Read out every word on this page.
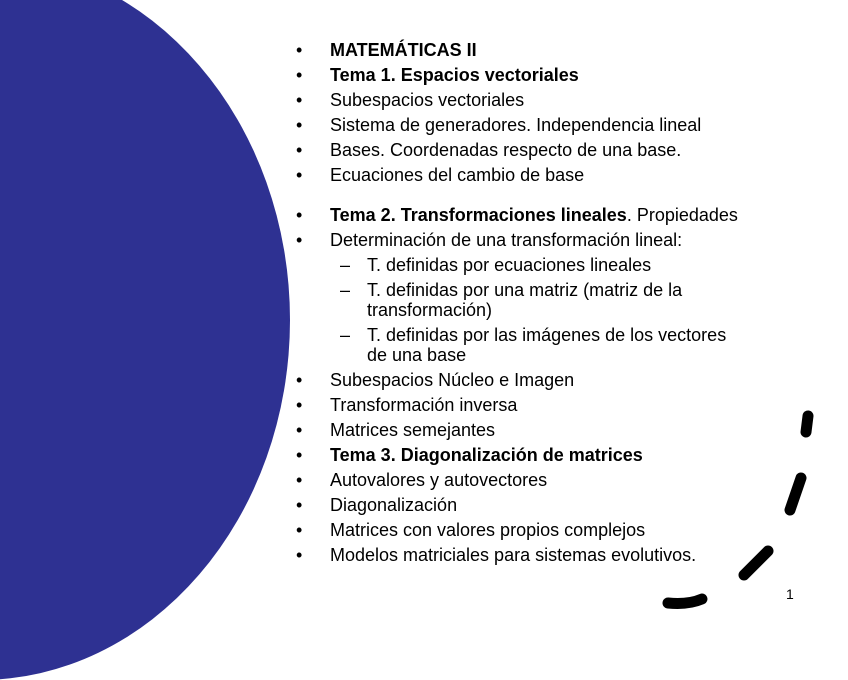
• MATEMÁTICAS II
• Tema 1. Espacios vectoriales
• Subespacios vectoriales
• Sistema de generadores. Independencia lineal
• Bases. Coordenadas respecto de una base.
• Ecuaciones del cambio de base
• Tema 2. Transformaciones lineales. Propiedades
• Determinación de una transformación lineal:
– T. definidas por ecuaciones lineales
– T. definidas por una matriz (matriz de la transformación)
– T. definidas por las imágenes de los vectores de una base
• Subespacios Núcleo e Imagen
• Transformación inversa
• Matrices semejantes
• Tema 3. Diagonalización de matrices
• Autovalores y autovectores
• Diagonalización
• Matrices con valores propios complejos
• Modelos matriciales para sistemas evolutivos.
1
